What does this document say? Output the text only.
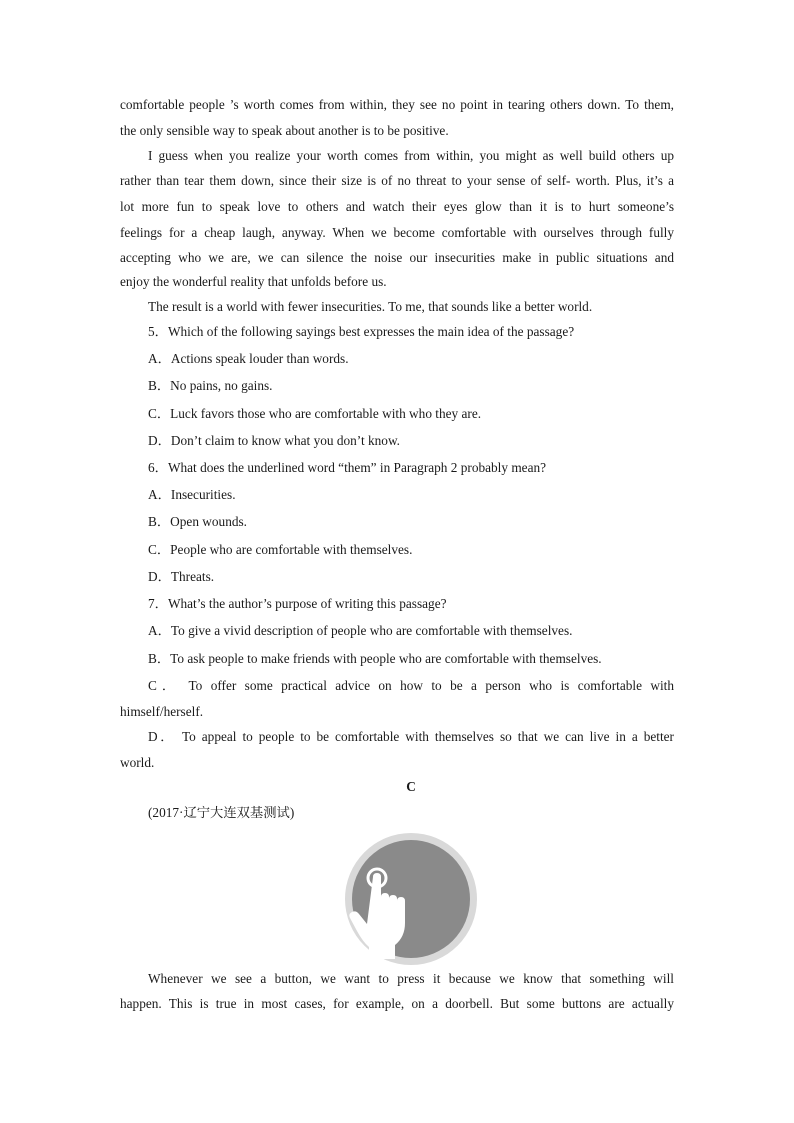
comfortable people ’s worth comes from within, they see no point in tearing others down. To them,
the only sensible way to speak about another is to be positive.
I guess when you realize your worth comes from within, you might as well build others up
rather than tear them down, since their size is of no threat to your sense of self- worth. Plus, it’s a
lot more fun to speak love to others and watch their eyes glow than it is to hurt someone’s
feelings for a cheap laugh, anyway. When we become comfortable with ourselves through fully
accepting who we are, we can silence the noise our insecurities make in public situations and
enjoy the wonderful reality that unfolds before us.
The result is a world with fewer insecurities. To me, that sounds like a better world.
5．Which of the following sayings best expresses the main idea of the passage?
A．Actions speak louder than words.
B．No pains, no gains.
C．Luck favors those who are comfortable with who they are.
D．Don’t claim to know what you don’t know.
6．What does the underlined word “them” in Paragraph 2 probably mean?
A．Insecurities.
B．Open wounds.
C．People who are comfortable with themselves.
D．Threats.
7．What’s the author’s purpose of writing this passage?
A．To give a vivid description of people who are comfortable with themselves.
B．To ask people to make friends with people who are comfortable with themselves.
C． To offer some practical advice on how to be a person who is comfortable with
himself/herself.
D． To appeal to people to be comfortable with themselves so that we can live in a better
world.
C
(2017·辽宁大连双基测试)
Whenever we see a button, we want to press it because we know that something will
happen. This is true in most cases, for example, on a doorbell. But some buttons are actually
